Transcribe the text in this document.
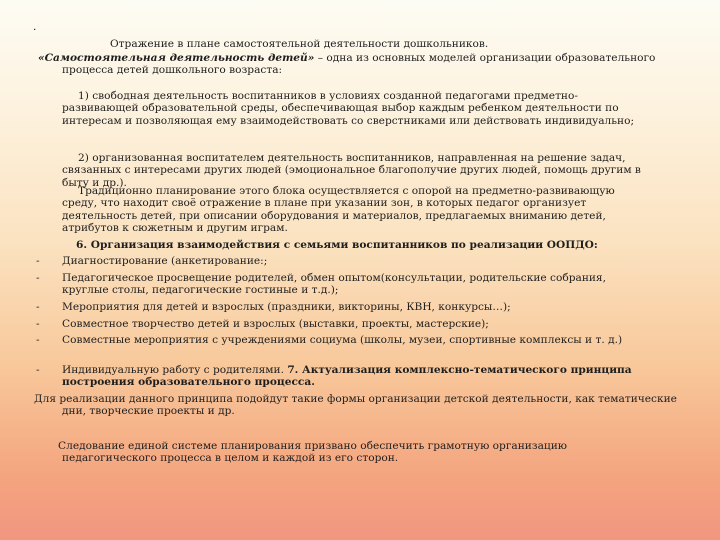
·
Отражение в плане самостоятельной деятельности дошкольников.
«Самостоятельная деятельность детей» – одна из основных моделей организации образовательного процесса детей дошкольного возраста:
1) свободная деятельность воспитанников в условиях созданной педагогами предметно-развивающей образовательной среды, обеспечивающая выбор каждым ребенком деятельности по интересам и позволяющая ему взаимодействовать со сверстниками или действовать индивидуально;
2) организованная воспитателем деятельность воспитанников, направленная на решение задач, связанных с интересами других людей (эмоциональное благополучие других людей, помощь другим в быту и др.).
Традиционно планирование этого блока осуществляется с опорой на предметно-развивающую среду, что находит своё отражение в плане при указании зон, в которых педагог организует деятельность детей, при описании оборудования и материалов, предлагаемых вниманию детей, атрибутов к сюжетным и другим играм.
6. Организация взаимодействия с семьями воспитанников по реализации ООПДО:
- Диагностирование (анкетирование:;
- Педагогическое просвещение родителей, обмен опытом(консультации, родительские собрания, круглые столы, педагогические гостиные и т.д.);
- Мероприятия для детей и взрослых (праздники, викторины, КВН, конкурсы…);
- Совместное творчество детей и взрослых (выставки, проекты, мастерские);
- Совместные мероприятия с учреждениями социума (школы, музеи, спортивные комплексы и т. д.)
- Индивидуальную работу с родителями. 7. Актуализация комплексно-тематического принципа построения образовательного процесса.
Для реализации данного принципа подойдут такие формы организации детской деятельности, как тематические дни, творческие проекты и др.
Следование единой системе планирования призвано обеспечить грамотную организацию педагогического процесса в целом и каждой из его сторон.
